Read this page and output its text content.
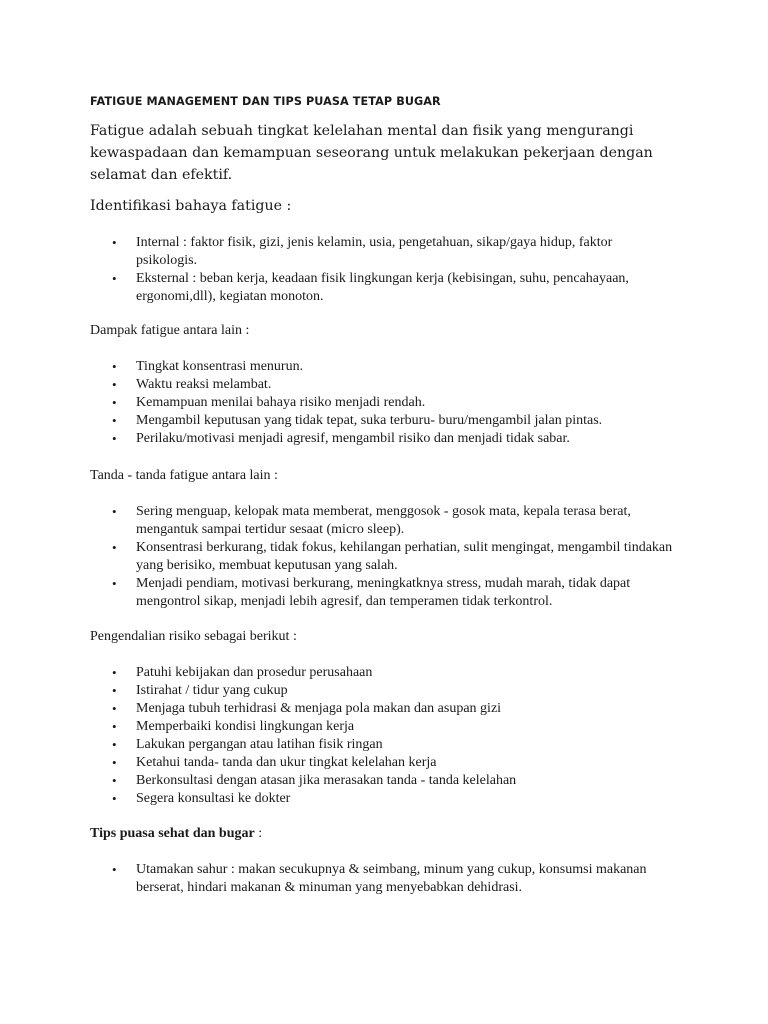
FATIGUE MANAGEMENT DAN TIPS PUASA TETAP BUGAR

Fatigue adalah sebuah tingkat kelelahan mental dan fisik yang mengurangi kewaspadaan dan kemampuan seseorang untuk melakukan pekerjaan dengan selamat dan efektif.

Identifikasi bahaya fatigue :

• Internal : faktor fisik, gizi, jenis kelamin, usia, pengetahuan, sikap/gaya hidup, faktor psikologis.
• Eksternal : beban kerja, keadaan fisik lingkungan kerja (kebisingan, suhu, pencahayaan, ergonomi,dll), kegiatan monoton.

Dampak fatigue antara lain :

• Tingkat konsentrasi menurun.
• Waktu reaksi melambat.
• Kemampuan menilai bahaya risiko menjadi rendah.
• Mengambil keputusan yang tidak tepat, suka terburu- buru/mengambil jalan pintas.
• Perilaku/motivasi menjadi agresif, mengambil risiko dan menjadi tidak sabar.

Tanda - tanda fatigue antara lain :

• Sering menguap, kelopak mata memberat, menggosok - gosok mata, kepala terasa berat, mengantuk sampai tertidur sesaat (micro sleep).
• Konsentrasi berkurang, tidak fokus, kehilangan perhatian, sulit mengingat, mengambil tindakan yang berisiko, membuat keputusan yang salah.
• Menjadi pendiam, motivasi berkurang, meningkatknya stress, mudah marah, tidak dapat mengontrol sikap, menjadi lebih agresif, dan temperamen tidak terkontrol.

Pengendalian risiko sebagai berikut :

• Patuhi kebijakan dan prosedur perusahaan
• Istirahat / tidur yang cukup
• Menjaga tubuh terhidrasi & menjaga pola makan dan asupan gizi
• Memperbaiki kondisi lingkungan kerja
• Lakukan pergangan atau latihan fisik ringan
• Ketahui tanda- tanda dan ukur tingkat kelelahan kerja
• Berkonsultasi dengan atasan jika merasakan tanda - tanda kelelahan
• Segera konsultasi ke dokter

Tips puasa sehat dan bugar :

• Utamakan sahur : makan secukupnya & seimbang, minum yang cukup, konsumsi makanan berserat, hindari makanan & minuman yang menyebabkan dehidrasi.
